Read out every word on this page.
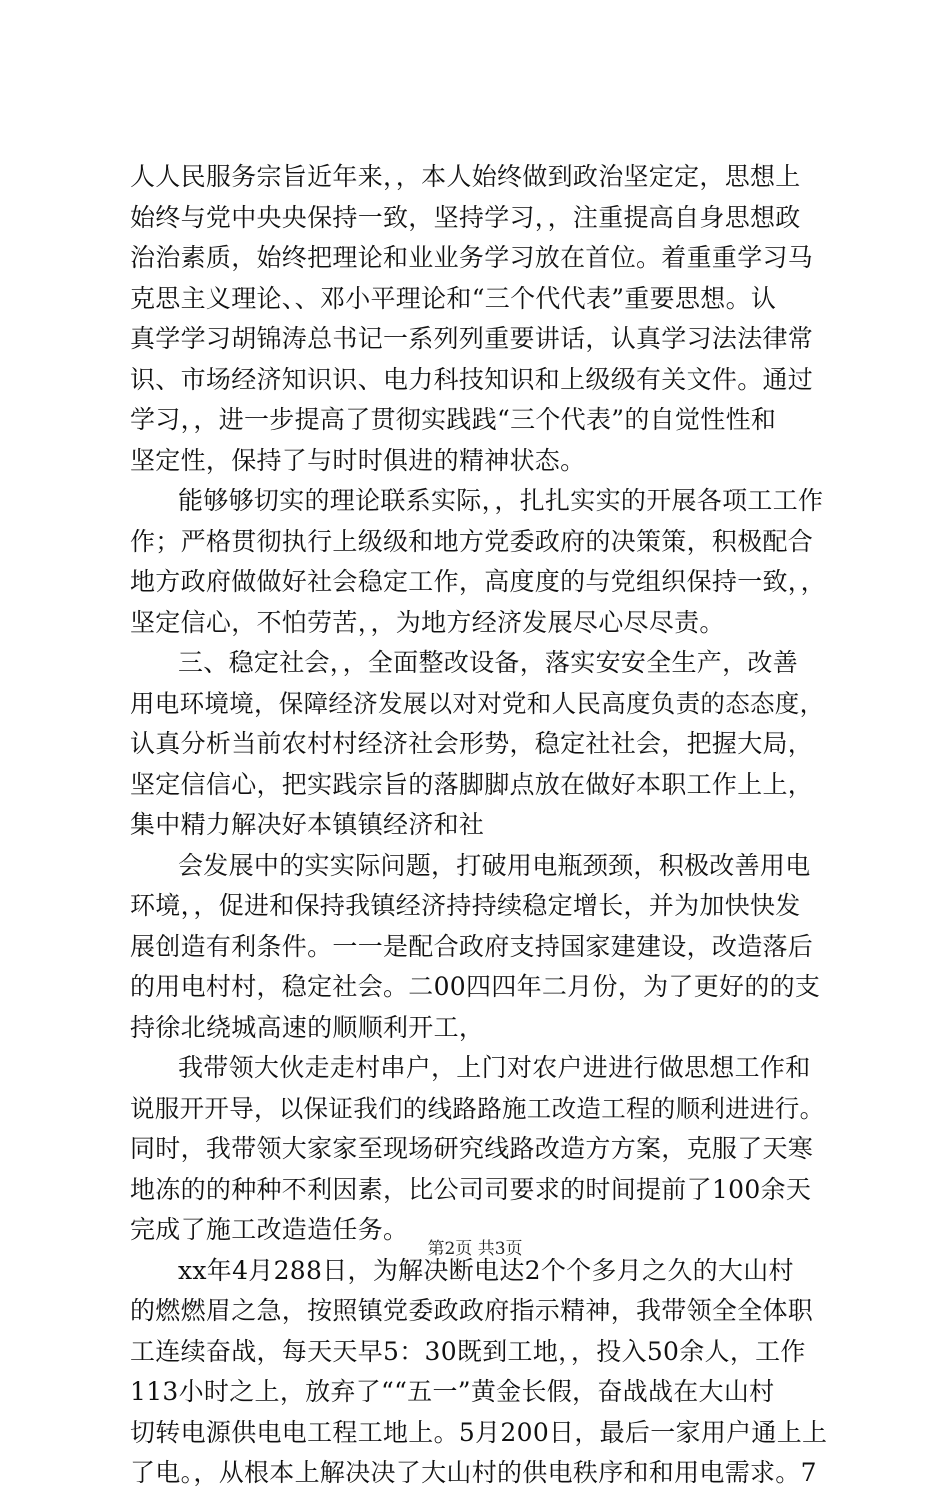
人人民服务宗旨近年来，，本人始终做到政治坚定定，思想上
始终与党中央央保持一致，坚持学习，，注重提高自身思想政
治治素质，始终把理论和业业务学习放在首位。着重重学习马
克思主义理论、、邓小平理论和“三个代代表”重要思想。认
真学学习胡锦涛总书记一系列列重要讲话，认真学习法法律常
识、市场经济知识识、电力科技知识和上级级有关文件。通过
学习，，进一步提高了贯彻实践践“三个代表”的自觉性性和
坚定性，保持了与时时俱进的精神状态。
能够够切实的理论联系实际，，扎扎实实的开展各项工工作
作；严格贯彻执行上级级和地方党委政府的决策策，积极配合
地方政府做做好社会稳定工作，高度度的与党组织保持一致，，
坚定信心，不怕劳苦，，为地方经济发展尽心尽尽责。
三、稳定社会，，全面整改设备，落实安安全生产，改善
用电环境境，保障经济发展以对对党和人民高度负责的态态度，
认真分析当前农村村经济社会形势，稳定社社会，把握大局，
坚定信信心，把实践宗旨的落脚脚点放在做好本职工作上上，
集中精力解决好本镇镇经济和社
会发展中的实实际问题，打破用电瓶颈颈，积极改善用电
环境，，促进和保持我镇经济持持续稳定增长，并为加快快发
展创造有利条件。一一是配合政府支持国家建建设，改造落后
的用电村村，稳定社会。二00四四年二月份，为了更好的的支
持徐北绕城高速的顺顺利开工，
我带领大伙走走村串户，上门对农户进进行做思想工作和
说服开开导，以保证我们的线路路施工改造工程的顺利进进行。
同时，我带领大家家至现场研究线路改造方方案，克服了天寒
地冻的的种种不利因素，比公司司要求的时间提前了100余天
完成了施工改造造任务。
xx年4月288日，为解决断电达2个个多月之久的大山村
的燃燃眉之急，按照镇党委政政府指示精神，我带领全全体职
工连续奋战，每天天早5：30既到工地，，投入50余人，工作
113小时之上，放弃了““五一”黄金长假，奋战战在大山村
切转电源供电电工程工地上。5月200日，最后一家用户通上上
了电。，从根本上解决决了大山村的供电秩序和和用电需求。7
第2页 共3页
